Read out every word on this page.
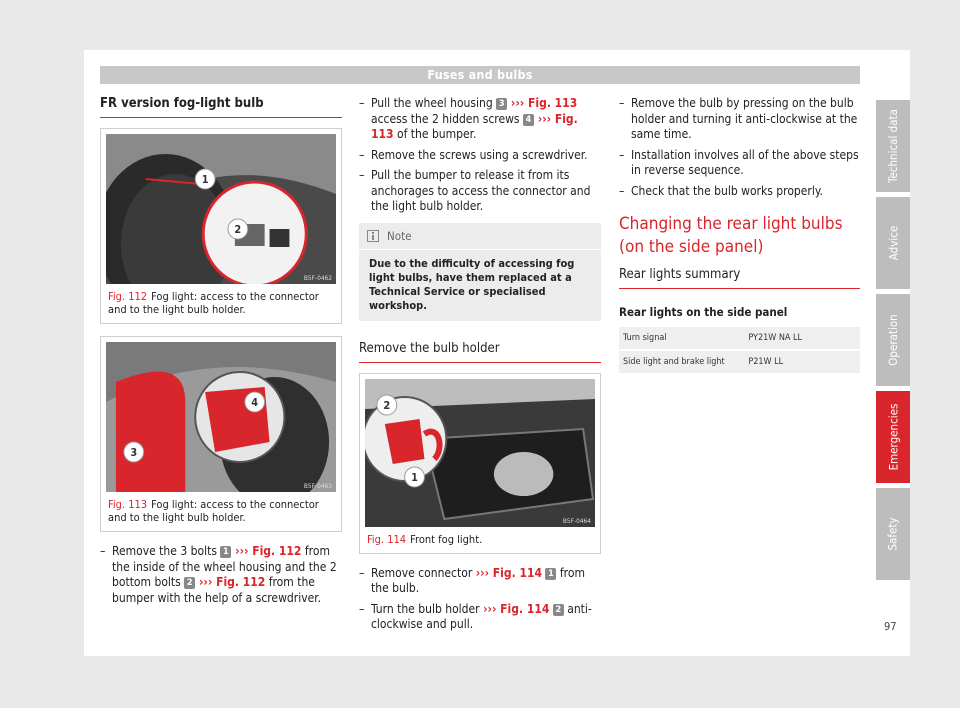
Fuses and bulbs
FR version fog-light bulb
1
2
B5F-0462
Fig. 112 Fog light: access to the connector and to the light bulb holder.
4
3
B5F-0463
Fig. 113 Fog light: access to the connector and to the light bulb holder.
– Remove the 3 bolts 1 ››› Fig. 112 from the inside of the wheel housing and the 2 bottom bolts 2 ››› Fig. 112 from the bumper with the help of a screwdriver.
– Pull the wheel housing 3 ››› Fig. 113 access the 2 hidden screws 4 ››› Fig. 113 of the bumper.
– Remove the screws using a screwdriver.
– Pull the bumper to release it from its anchorages to access the connector and the light bulb holder.
Note
Due to the difficulty of accessing fog light bulbs, have them replaced at a Technical Service or specialised workshop.
Remove the bulb holder
2
1
B5F-0464
Fig. 114 Front fog light.
– Remove connector ››› Fig. 114 1 from the bulb.
– Turn the bulb holder ››› Fig. 114 2 anti-clockwise and pull.
– Remove the bulb by pressing on the bulb holder and turning it anti-clockwise at the same time.
– Installation involves all of the above steps in reverse sequence.
– Check that the bulb works properly.
Changing the rear light bulbs (on the side panel)
Rear lights summary
Rear lights on the side panel
Turn signal	PY21W NA LL
Side light and brake light	P21W LL
Technical data
Advice
Operation
Emergencies
Safety
97
